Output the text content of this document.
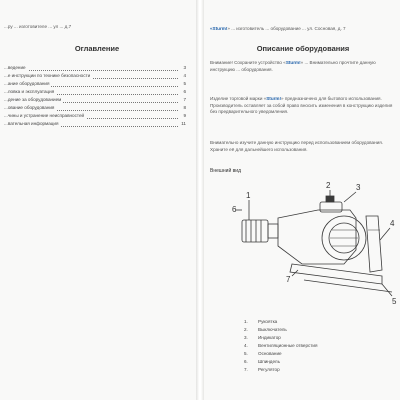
...ру ... изготовителе ... ул ... д.7
Оглавление
...ведение	3
...е инструкции по технике безопасности	4
...ание оборудования	5
...ловка и эксплуатация	6
...дение за оборудованием	7
...ование оборудования	8
...чины и устранение неисправностей	9
...вательная информация	11
«Sturm!» ... изготовитель ... оборудование ... ул. Сосновая, д. 7
Описание оборудования
Внимание! Сохраните устройство «Sturm!» ... Внимательно прочтите данную инструкцию ... оборудования.
Изделие торговой марки «Sturm!» предназначено для бытового использования. Производитель оставляет за собой право вносить изменения в конструкцию изделия без предварительного уведомления.
Внимательно изучите данную инструкцию перед использованием оборудования. Храните её для дальнейшего использования.
Внешний вид
1
2	3
4
5
6
7
1.	Рукоятка
2.	Выключатель
3.	Индикатор
4.	Вентиляционные отверстия
5.	Основание
6.	Шпиндель
7.	Регулятор
